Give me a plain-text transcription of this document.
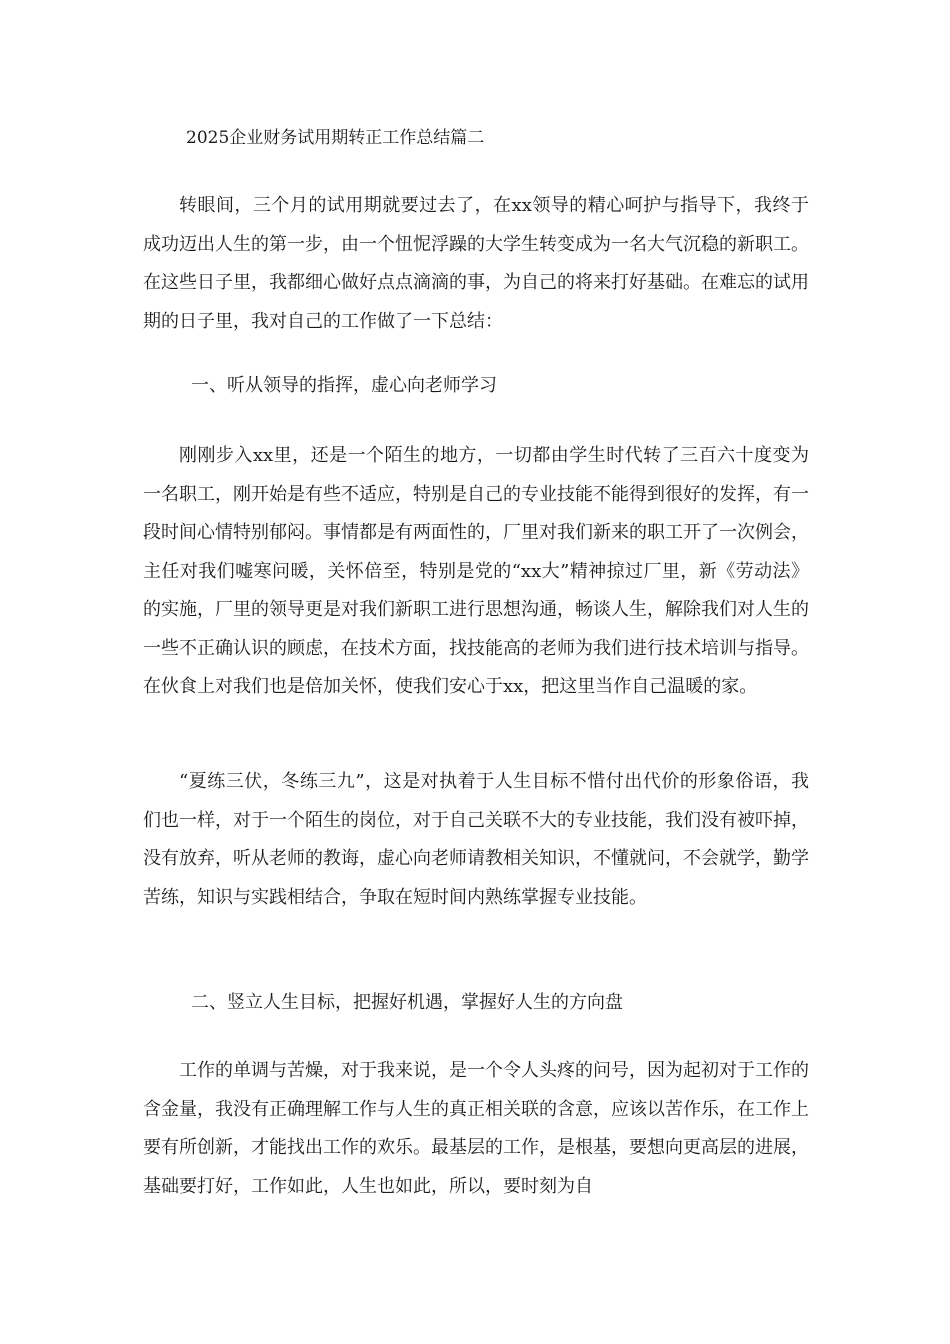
2025企业财务试用期转正工作总结篇二

转眼间，三个月的试用期就要过去了，在xx领导的精心呵护与指导下，我终于成功迈出人生的第一步，由一个忸怩浮躁的大学生转变成为一名大气沉稳的新职工。在这些日子里，我都细心做好点点滴滴的事，为自己的将来打好基础。在难忘的试用期的日子里，我对自己的工作做了一下总结：

一、听从领导的指挥，虚心向老师学习

刚刚步入xx里，还是一个陌生的地方，一切都由学生时代转了三百六十度变为一名职工，刚开始是有些不适应，特别是自己的专业技能不能得到很好的发挥，有一段时间心情特别郁闷。事情都是有两面性的，厂里对我们新来的职工开了一次例会，主任对我们嘘寒问暖，关怀倍至，特别是党的“xx大”精神掠过厂里，新《劳动法》的实施，厂里的领导更是对我们新职工进行思想沟通，畅谈人生，解除我们对人生的一些不正确认识的顾虑，在技术方面，找技能高的老师为我们进行技术培训与指导。在伙食上对我们也是倍加关怀，使我们安心于xx，把这里当作自己温暖的家。

“夏练三伏，冬练三九”，这是对执着于人生目标不惜付出代价的形象俗语，我们也一样，对于一个陌生的岗位，对于自己关联不大的专业技能，我们没有被吓掉，没有放弃，听从老师的教诲，虚心向老师请教相关知识，不懂就问，不会就学，勤学苦练，知识与实践相结合，争取在短时间内熟练掌握专业技能。

二、竖立人生目标，把握好机遇，掌握好人生的方向盘

工作的单调与苦燥，对于我来说，是一个令人头疼的问号，因为起初对于工作的含金量，我没有正确理解工作与人生的真正相关联的含意，应该以苦作乐，在工作上要有所创新，才能找出工作的欢乐。最基层的工作，是根基，要想向更高层的进展，基础要打好，工作如此，人生也如此，所以，要时刻为自
